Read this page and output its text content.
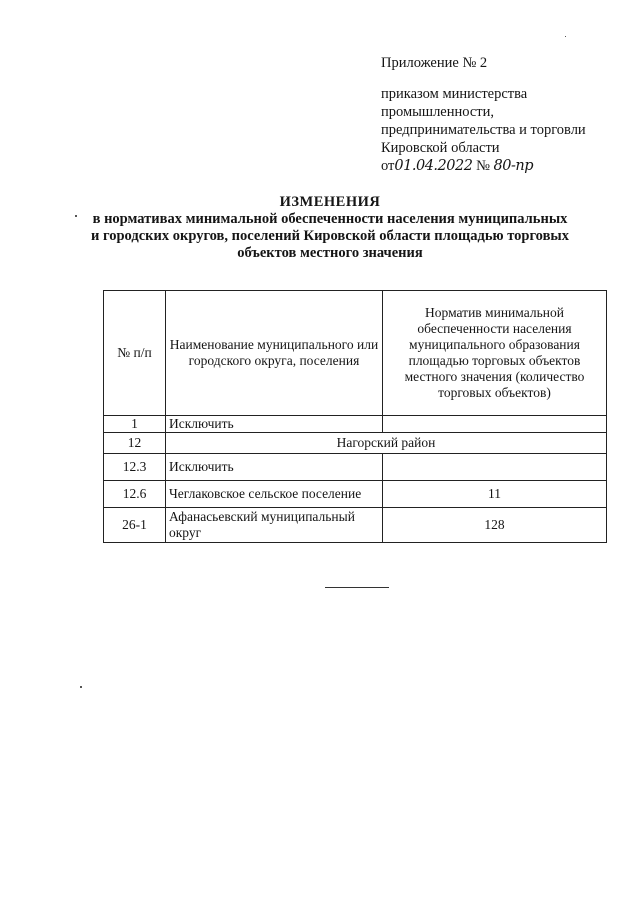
Приложение № 2
приказом министерства
промышленности,
предпринимательства и торговли
Кировской области
от01.04.2022 № 80-пр
ИЗМЕНЕНИЯ
в нормативах минимальной обеспеченности населения муниципальных
и городских округов, поселений Кировской области площадью торговых
объектов местного значения
№ п/п	Наименование муниципального или городского округа, поселения	Норматив минимальной обеспеченности населения муниципального образования площадью торговых объектов местного значения (количество торговых объектов)
1	Исключить	
12	Нагорский район	
12.3	Исключить	
12.6	Чеглаковское сельское поселение	11
26-1	Афанасьевский муниципальный округ	128
